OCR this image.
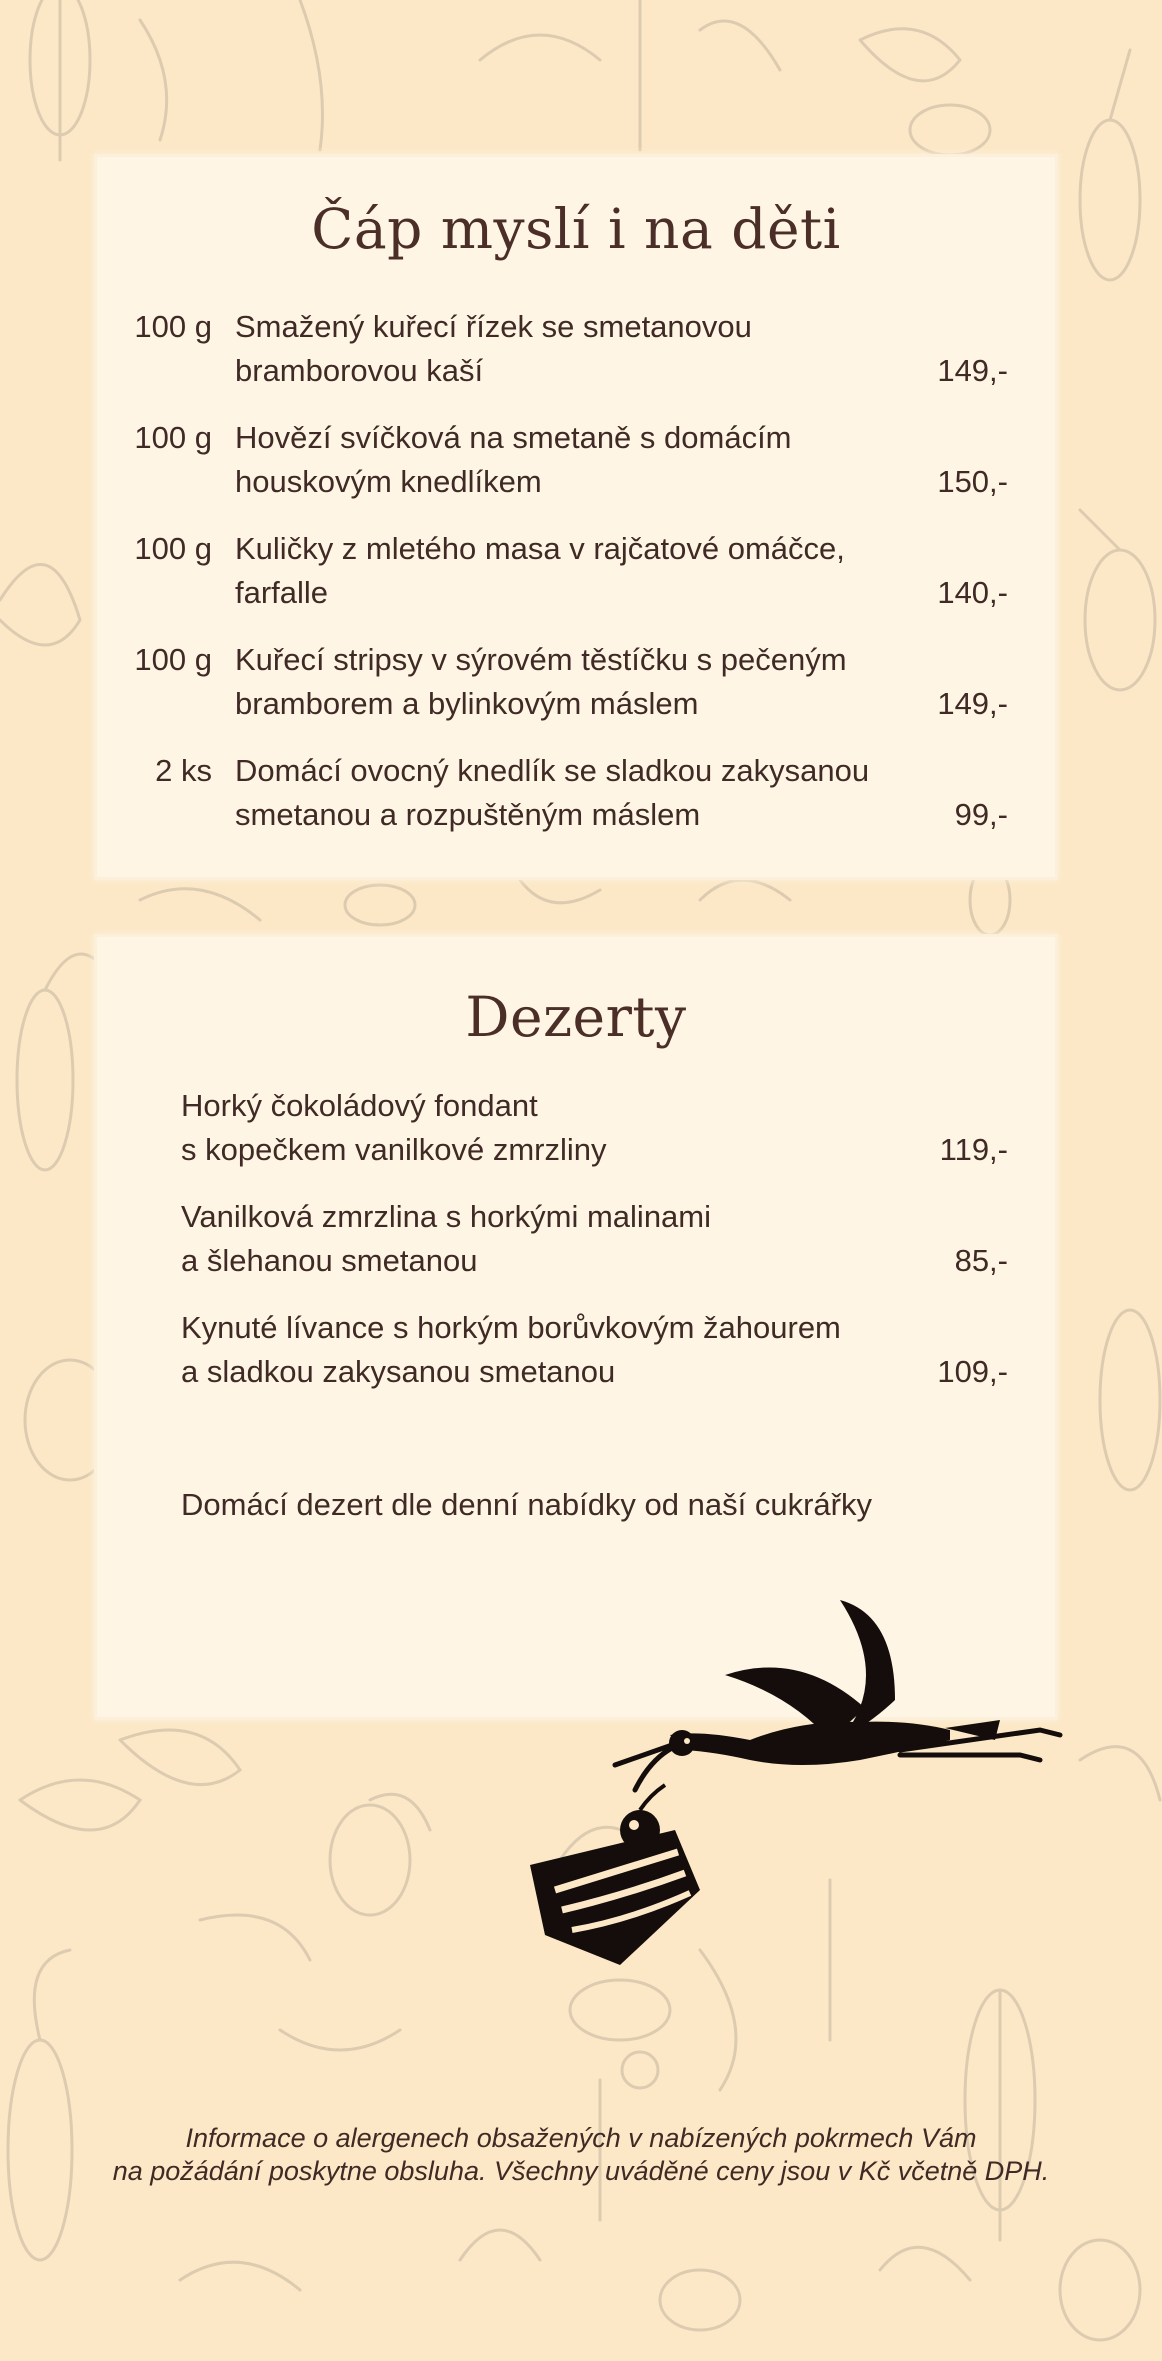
Čáp myslí i na děti
100 g Smažený kuřecí řízek se smetanovou
bramborovou kaší	149,-
100 g Hovězí svíčková na smetaně s domácím
houskovým knedlíkem	150,-
100 g Kuličky z mletého masa v rajčatové omáčce,
farfalle	140,-
100 g Kuřecí stripsy v sýrovém těstíčku s pečeným
bramborem a bylinkovým máslem	149,-
2 ks Domácí ovocný knedlík se sladkou zakysanou
smetanou a rozpuštěným máslem	99,-
Dezerty
Horký čokoládový fondant
s kopečkem vanilkové zmrzliny	119,-
Vanilková zmrzlina s horkými malinami
a šlehanou smetanou	85,-
Kynuté lívance s horkým borůvkovým žahourem
a sladkou zakysanou smetanou	109,-
Domácí dezert dle denní nabídky od naší cukrářky
Informace o alergenech obsažených v nabízených pokrmech Vám
na požádání poskytne obsluha. Všechny uváděné ceny jsou v Kč včetně DPH.
